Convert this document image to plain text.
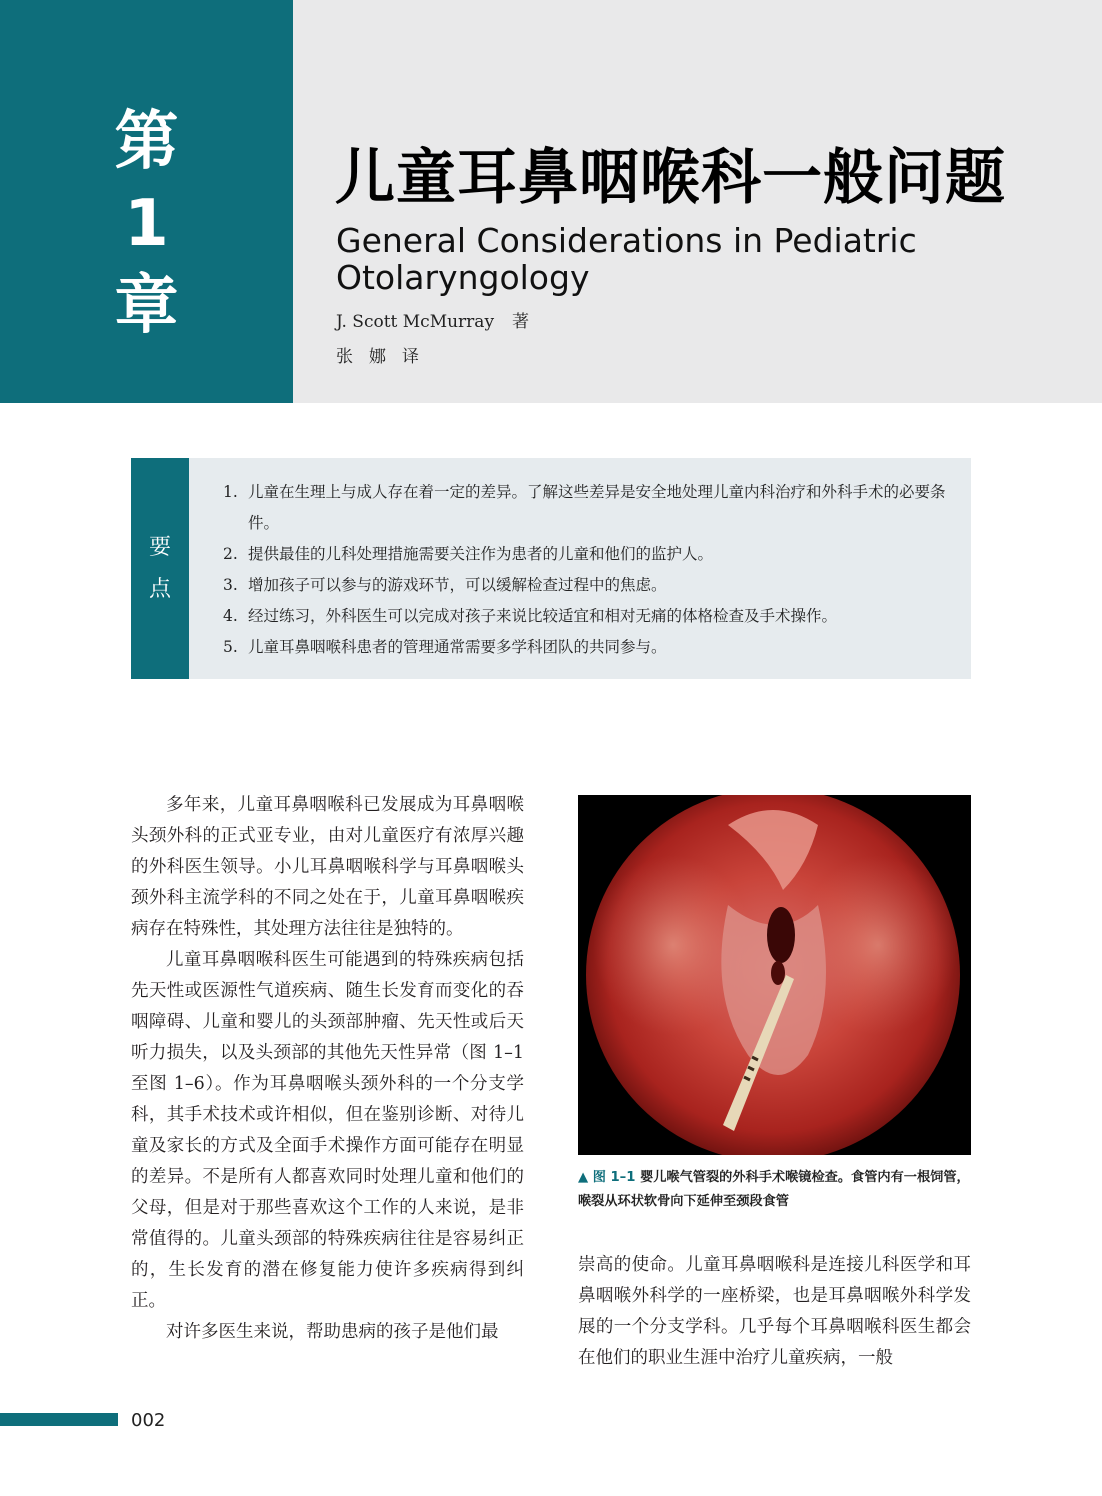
第
1
章
儿童耳鼻咽喉科一般问题
General Considerations in Pediatric Otolaryngology
J. Scott McMurray 著
张娜译
要
点
1. 儿童在生理上与成人存在着一定的差异。了解这些差异是安全地处理儿童内科治疗和外科手术的必要条件。
2. 提供最佳的儿科处理措施需要关注作为患者的儿童和他们的监护人。
3. 增加孩子可以参与的游戏环节，可以缓解检查过程中的焦虑。
4. 经过练习，外科医生可以完成对孩子来说比较适宜和相对无痛的体格检查及手术操作。
5. 儿童耳鼻咽喉科患者的管理通常需要多学科团队的共同参与。

多年来，儿童耳鼻咽喉科已发展成为耳鼻咽喉头颈外科的正式亚专业，由对儿童医疗有浓厚兴趣的外科医生领导。小儿耳鼻咽喉科学与耳鼻咽喉头颈外科主流学科的不同之处在于，儿童耳鼻咽喉疾病存在特殊性，其处理方法往往是独特的。

儿童耳鼻咽喉科医生可能遇到的特殊疾病包括先天性或医源性气道疾病、随生长发育而变化的吞咽障碍、儿童和婴儿的头颈部肿瘤、先天性或后天听力损失，以及头颈部的其他先天性异常（图 1–1 至图 1–6）。作为耳鼻咽喉头颈外科的一个分支学科，其手术技术或许相似，但在鉴别诊断、对待儿童及家长的方式及全面手术操作方面可能存在明显的差异。不是所有人都喜欢同时处理儿童和他们的父母，但是对于那些喜欢这个工作的人来说，是非常值得的。儿童头颈部的特殊疾病往往是容易纠正的，生长发育的潜在修复能力使许多疾病得到纠正。

对许多医生来说，帮助患病的孩子是他们最

▲ 图 1–1 婴儿喉气管裂的外科手术喉镜检查。食管内有一根饲管，喉裂从环状软骨向下延伸至颈段食管

崇高的使命。儿童耳鼻咽喉科是连接儿科医学和耳鼻咽喉外科学的一座桥梁，也是耳鼻咽喉外科学发展的一个分支学科。几乎每个耳鼻咽喉科医生都会在他们的职业生涯中治疗儿童疾病，一般

002
